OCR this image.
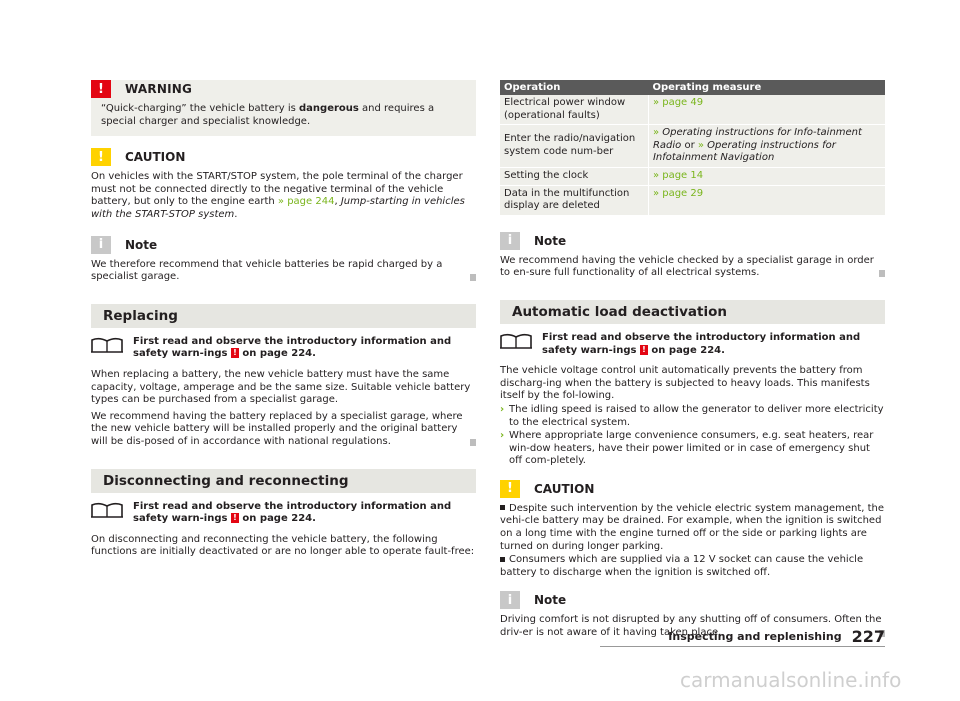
! WARNING

“Quick-charging” the vehicle battery is dangerous and requires a special charger and specialist knowledge.

! CAUTION

On vehicles with the START/STOP system, the pole terminal of the charger must not be connected directly to the negative terminal of the vehicle battery, but only to the engine earth » page 244, Jump-starting in vehicles with the START-STOP system.

i Note

We therefore recommend that vehicle batteries be rapid charged by a specialist garage.

Replacing

First read and observe the introductory information and safety warn-ings ! on page 224.

When replacing a battery, the new vehicle battery must have the same capacity, voltage, amperage and be the same size. Suitable vehicle battery types can be purchased from a specialist garage.

We recommend having the battery replaced by a specialist garage, where the new vehicle battery will be installed properly and the original battery will be dis-posed of in accordance with national regulations.

Disconnecting and reconnecting

First read and observe the introductory information and safety warn-ings ! on page 224.

On disconnecting and reconnecting the vehicle battery, the following functions are initially deactivated or are no longer able to operate fault-free:

Operation	Operating measure
Electrical power window (operational faults)	» page 49
Enter the radio/navigation system code num-ber	» Operating instructions for Info-tainment Radio or » Operating instructions for Infotainment Navigation
Setting the clock	» page 14
Data in the multifunction display are deleted	» page 29
i Note

We recommend having the vehicle checked by a specialist garage in order to en-sure full functionality of all electrical systems.

Automatic load deactivation

First read and observe the introductory information and safety warn-ings ! on page 224.

The vehicle voltage control unit automatically prevents the battery from discharg-ing when the battery is subjected to heavy loads. This manifests itself by the fol-lowing.

› The idling speed is raised to allow the generator to deliver more electricity to the electrical system.
› Where appropriate large convenience consumers, e.g. seat heaters, rear win-dow heaters, have their power limited or in case of emergency shut off com-pletely.
! CAUTION
Despite such intervention by the vehicle electric system management, the vehi-cle battery may be drained. For example, when the ignition is switched on a long time with the engine turned off or the side or parking lights are turned on during longer parking.
Consumers which are supplied via a 12 V socket can cause the vehicle battery to discharge when the ignition is switched off.
i Note

Driving comfort is not disrupted by any shutting off of consumers. Often the driv-er is not aware of it having taken place.

Inspecting and replenishing 227
carmanualsonline.info
